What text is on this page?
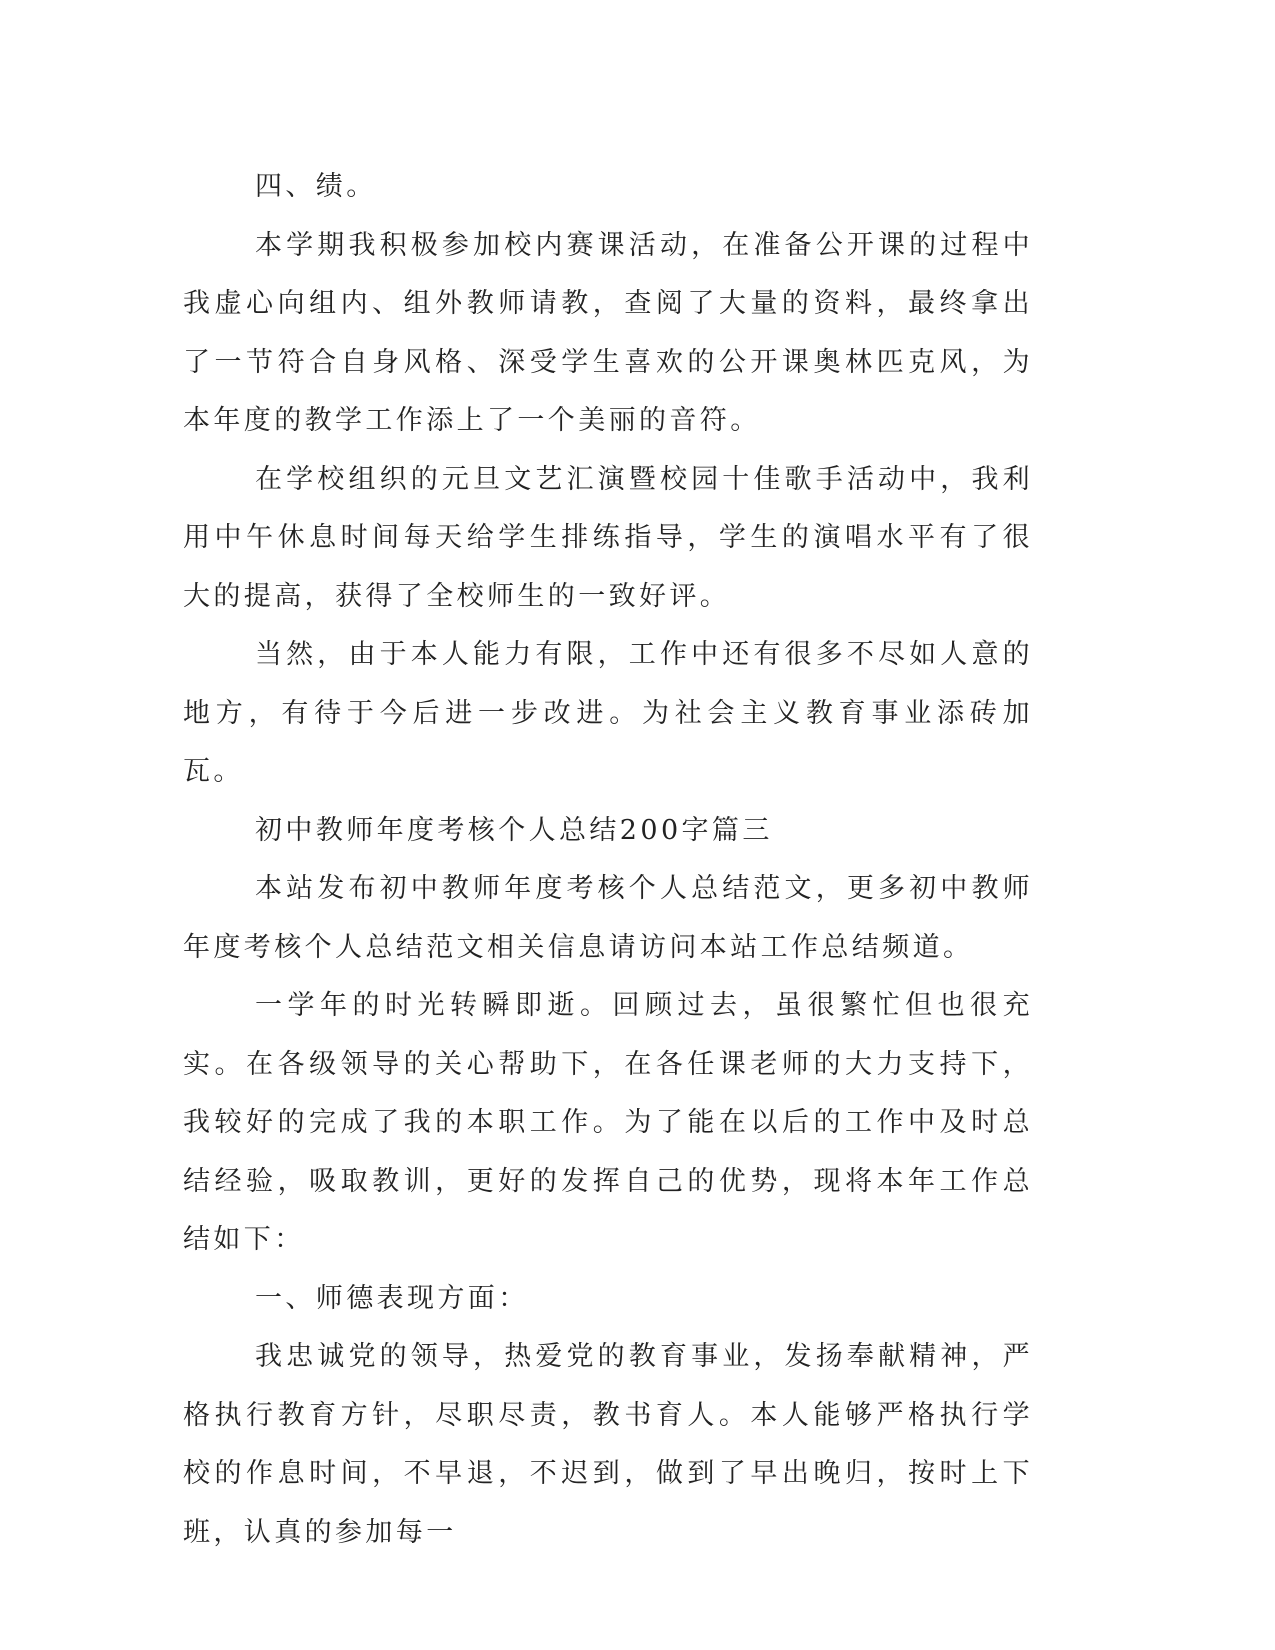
四、绩。

本学期我积极参加校内赛课活动，在准备公开课的过程中我虚心向组内、组外教师请教，查阅了大量的资料，最终拿出了一节符合自身风格、深受学生喜欢的公开课奥林匹克风，为本年度的教学工作添上了一个美丽的音符。

在学校组织的元旦文艺汇演暨校园十佳歌手活动中，我利用中午休息时间每天给学生排练指导，学生的演唱水平有了很大的提高，获得了全校师生的一致好评。

当然，由于本人能力有限，工作中还有很多不尽如人意的地方，有待于今后进一步改进。为社会主义教育事业添砖加瓦。

初中教师年度考核个人总结200字篇三

本站发布初中教师年度考核个人总结范文，更多初中教师年度考核个人总结范文相关信息请访问本站工作总结频道。

一学年的时光转瞬即逝。回顾过去，虽很繁忙但也很充实。在各级领导的关心帮助下，在各任课老师的大力支持下，我较好的完成了我的本职工作。为了能在以后的工作中及时总结经验，吸取教训，更好的发挥自己的优势，现将本年工作总结如下：

一、师德表现方面：

我忠诚党的领导，热爱党的教育事业，发扬奉献精神，严格执行教育方针，尽职尽责，教书育人。本人能够严格执行学校的作息时间，不早退，不迟到，做到了早出晚归，按时上下班，认真的参加每一
